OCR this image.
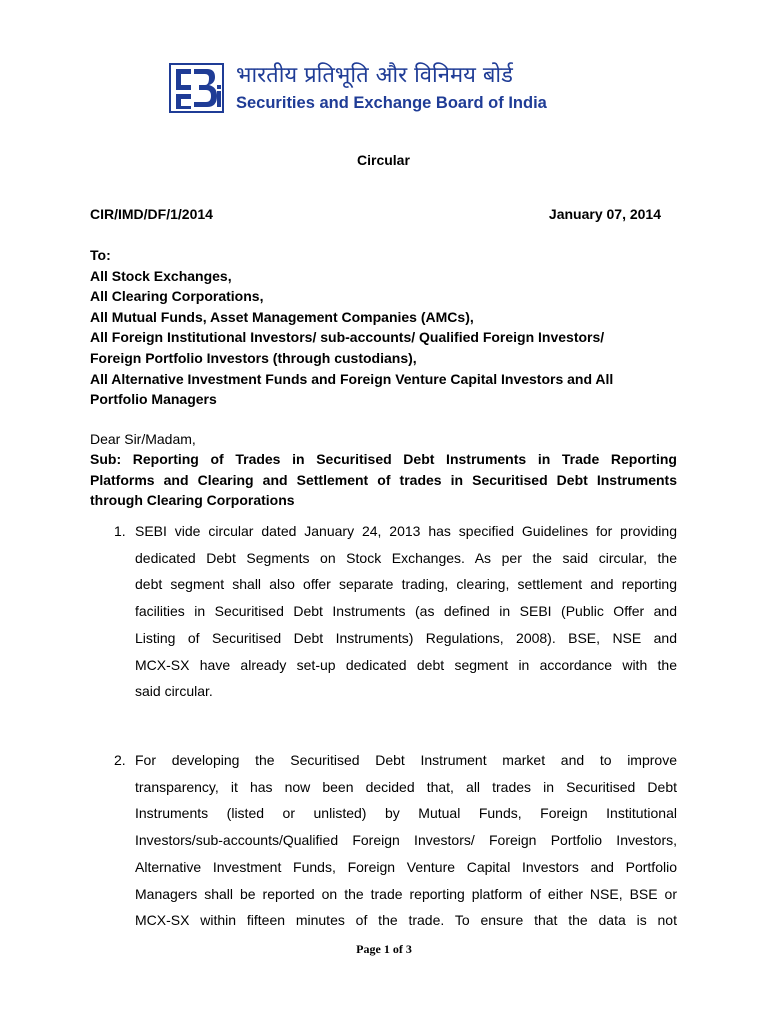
SEBI	भारतीय प्रतिभूति और विनिमय बोर्ड
Securities and Exchange Board of India
Circular
CIR/IMD/DF/1/2014	January 07, 2014
To:
All Stock Exchanges,
All Clearing Corporations,
All Mutual Funds, Asset Management Companies (AMCs),
All Foreign Institutional Investors/ sub-accounts/ Qualified Foreign Investors/
Foreign Portfolio Investors (through custodians),
All Alternative Investment Funds and Foreign Venture Capital Investors and All
Portfolio Managers
Dear Sir/Madam,
Sub: Reporting of Trades in Securitised Debt Instruments in Trade Reporting
Platforms and Clearing and Settlement of trades in Securitised Debt Instruments
through Clearing Corporations
1. SEBI vide circular dated January 24, 2013 has specified Guidelines for providing
dedicated Debt Segments on Stock Exchanges. As per the said circular, the
debt segment shall also offer separate trading, clearing, settlement and reporting
facilities in Securitised Debt Instruments (as defined in SEBI (Public Offer and
Listing of Securitised Debt Instruments) Regulations, 2008). BSE, NSE and
MCX-SX have already set-up dedicated debt segment in accordance with the
said circular.
2. For developing the Securitised Debt Instrument market and to improve
transparency, it has now been decided that, all trades in Securitised Debt
Instruments (listed or unlisted) by Mutual Funds, Foreign Institutional
Investors/sub-accounts/Qualified Foreign Investors/ Foreign Portfolio Investors,
Alternative Investment Funds, Foreign Venture Capital Investors and Portfolio
Managers shall be reported on the trade reporting platform of either NSE, BSE or
MCX-SX within fifteen minutes of the trade. To ensure that the data is not
Page 1 of 3
